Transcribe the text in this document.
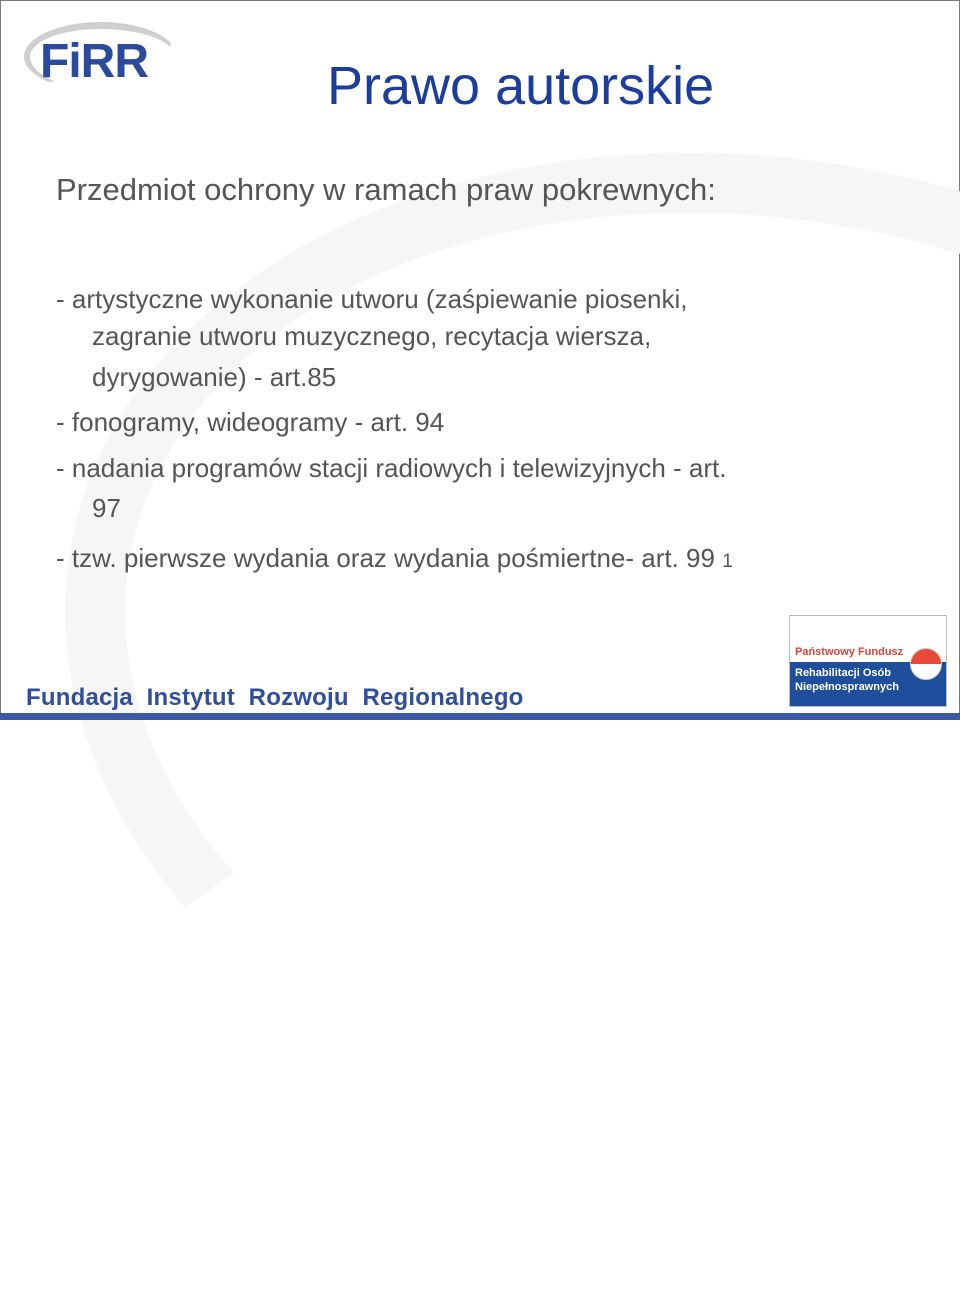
FiRR	Prawo autorskie
Przedmiot ochrony w ramach praw pokrewnych:
- artystyczne wykonanie utworu (zaśpiewanie piosenki,
zagranie utworu muzycznego, recytacja wiersza,
dyrygowanie) - art.85
- fonogramy, wideogramy - art. 94
- nadania programów stacji radiowych i telewizyjnych - art.
97
- tzw. pierwsze wydania oraz wydania pośmiertne- art. 99 1
Państwowy Fundusz
Rehabilitacji Osób
Niepełnosprawnych
Fundacja  Instytut  Rozwoju  Regionalnego
